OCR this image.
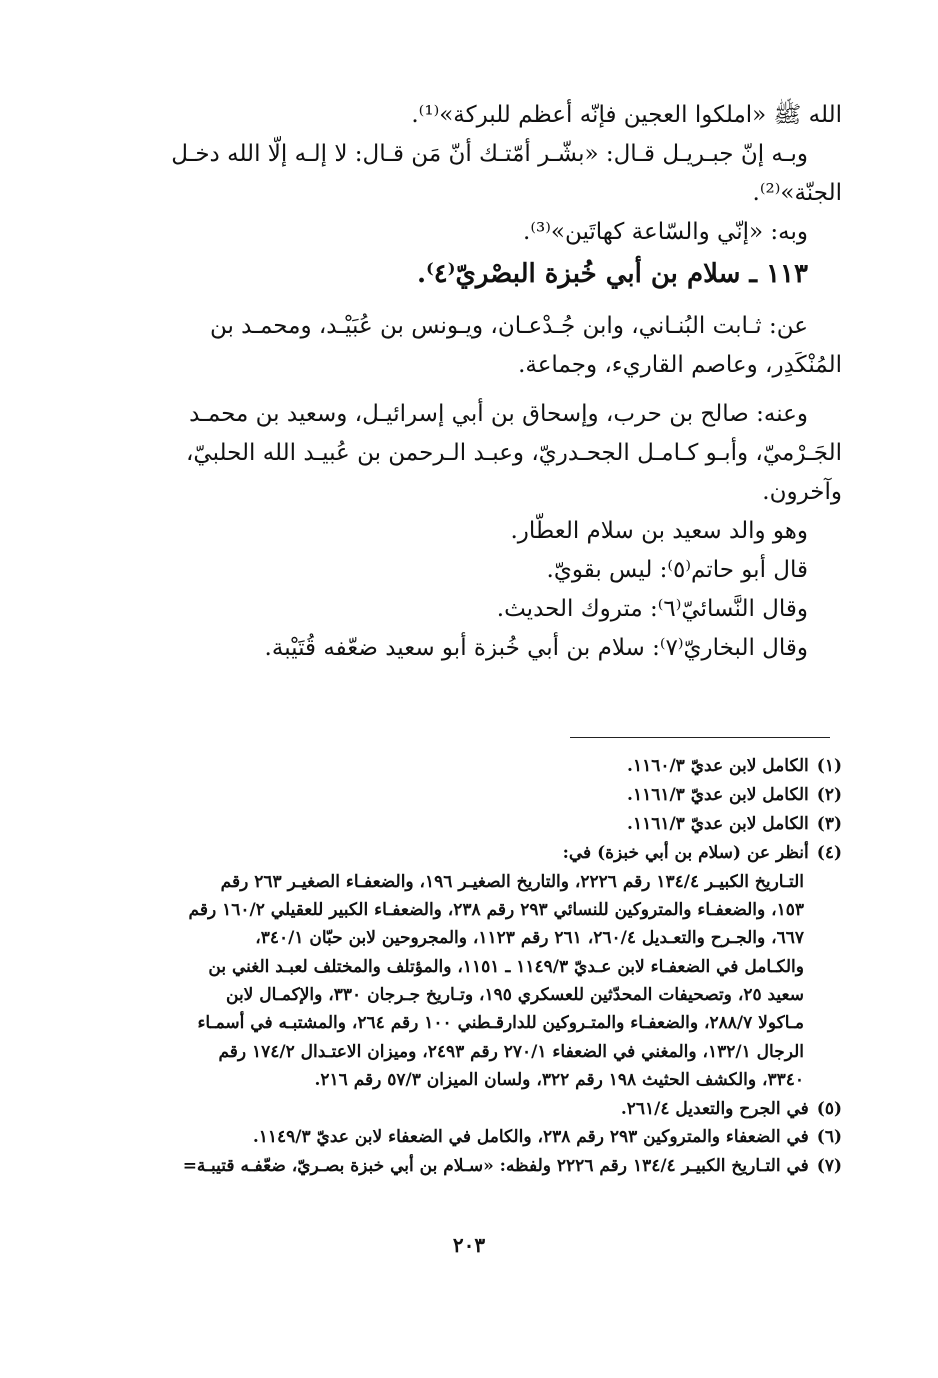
الله ﷺ «املكوا العجين فإنّه أعظم للبركة»⁽¹⁾.

وبـه إنّ جبـريـل قـال: «بشّـر أمّتـك أنّ مَن قـال: لا إلـه إلّا الله دخـل

الجنّة»⁽²⁾.

وبه: «إنّي والسّاعة كهاتَين»⁽³⁾.

١١٣ ـ سلام بن أبي خُبزة البصْريّ⁽٤⁾.

عن: ثـابت البُنـاني، وابن جُـدْعـان، ويـونس بن عُبَيْـد، ومحمـد بن

المُنْكَدِر، وعاصم القاريء، وجماعة.

وعنه: صالح بن حرب، وإسحاق بن أبي إسرائيـل، وسعيد بن محمـد

الجَـرْميّ، وأبـو كـامـل الجحـدريّ، وعبـد الـرحمن بن عُبيـد الله الحلبيّ،

وآخرون.

وهو والد سعيد بن سلام العطّار.

قال أبو حاتم⁽٥⁾: ليس بقويّ.

وقال النَّسائيّ⁽٦⁾: متروك الحديث.

وقال البخاريّ⁽٧⁾: سلام بن أبي خُبزة أبو سعيد ضعّفه قُتَيْبة.

(١)
الكامل لابن عديّ ١١٦٠/٣.
(٢)
الكامل لابن عديّ ١١٦١/٣.
(٣)
الكامل لابن عديّ ١١٦١/٣.
(٤)
أنظر عن (سلام بن أبي خبزة) في:

التـاريخ الكبيـر ١٣٤/٤ رقم ٢٢٢٦، والتاريخ الصغيـر ١٩٦، والضعفـاء الصغيـر ٢٦٣ رقم

١٥٣، والضعفـاء والمتروكين للنسائي ٢٩٣ رقم ٢٣٨، والضعفـاء الكبير للعقيلي ١٦٠/٢ رقم

٦٦٧، والجـرح والتعـديل ٢٦٠/٤، ٢٦١ رقم ١١٢٣، والمجروحين لابن حبّان ٣٤٠/١،

والكـامل في الضعفـاء لابن عـديّ ١١٤٩/٣ ـ ١١٥١، والمؤتلف والمختلف لعبـد الغني بن

سعيد ٢٥، وتصحيفات المحدّثين للعسكري ١٩٥، وتـاريخ جـرجان ٣٣٠، والإكمـال لابن

مـاكولا ٢٨٨/٧، والضعفـاء والمتـروكين للدارقـطني ١٠٠ رقم ٢٦٤، والمشتبـه في أسمـاء

الرجال ١٣٢/١، والمغني في الضعفاء ٢٧٠/١ رقم ٢٤٩٣، وميزان الاعتـدال ١٧٤/٢ رقم

٣٣٤٠، والكشف الحثيث ١٩٨ رقم ٣٢٢، ولسان الميزان ٥٧/٣ رقم ٢١٦.

(٥)
في الجرح والتعديل ٢٦١/٤.
(٦)
في الضعفاء والمتروكين ٢٩٣ رقم ٢٣٨، والكامل في الضعفاء لابن عديّ ١١٤٩/٣.
(٧)
في التـاريخ الكبيـر ١٣٤/٤ رقم ٢٢٢٦ ولفظه: «سـلام بن أبي خبزة بصـريّ، ضعّفـه قتيبـة=
٢٠٣
